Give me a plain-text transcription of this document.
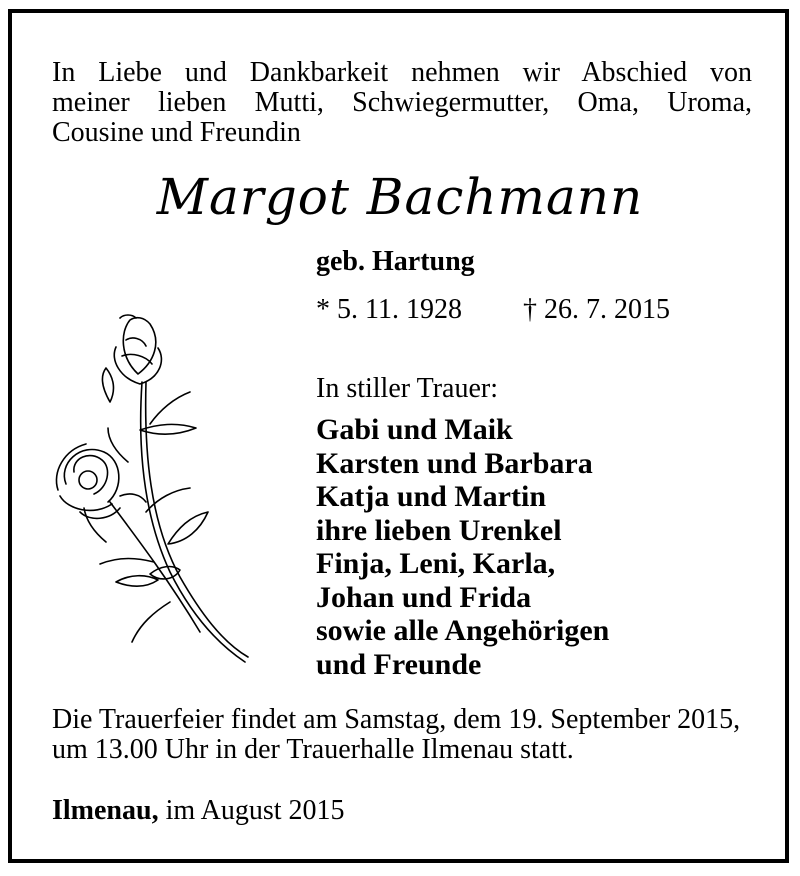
In Liebe und Dankbarkeit nehmen wir Abschied von
meiner lieben Mutti, Schwiegermutter, Oma, Uroma,
Cousine und Freundin
Margot Bachmann
geb. Hartung
* 5. 11. 1928 † 26. 7. 2015
In stiller Trauer:
Gabi und Maik
Karsten und Barbara
Katja und Martin
ihre lieben Urenkel
Finja, Leni, Karla,
Johan und Frida
sowie alle Angehörigen
und Freunde
Die Trauerfeier findet am Samstag, dem 19. September 2015,
um 13.00 Uhr in der Trauerhalle Ilmenau statt.
Ilmenau, im August 2015
